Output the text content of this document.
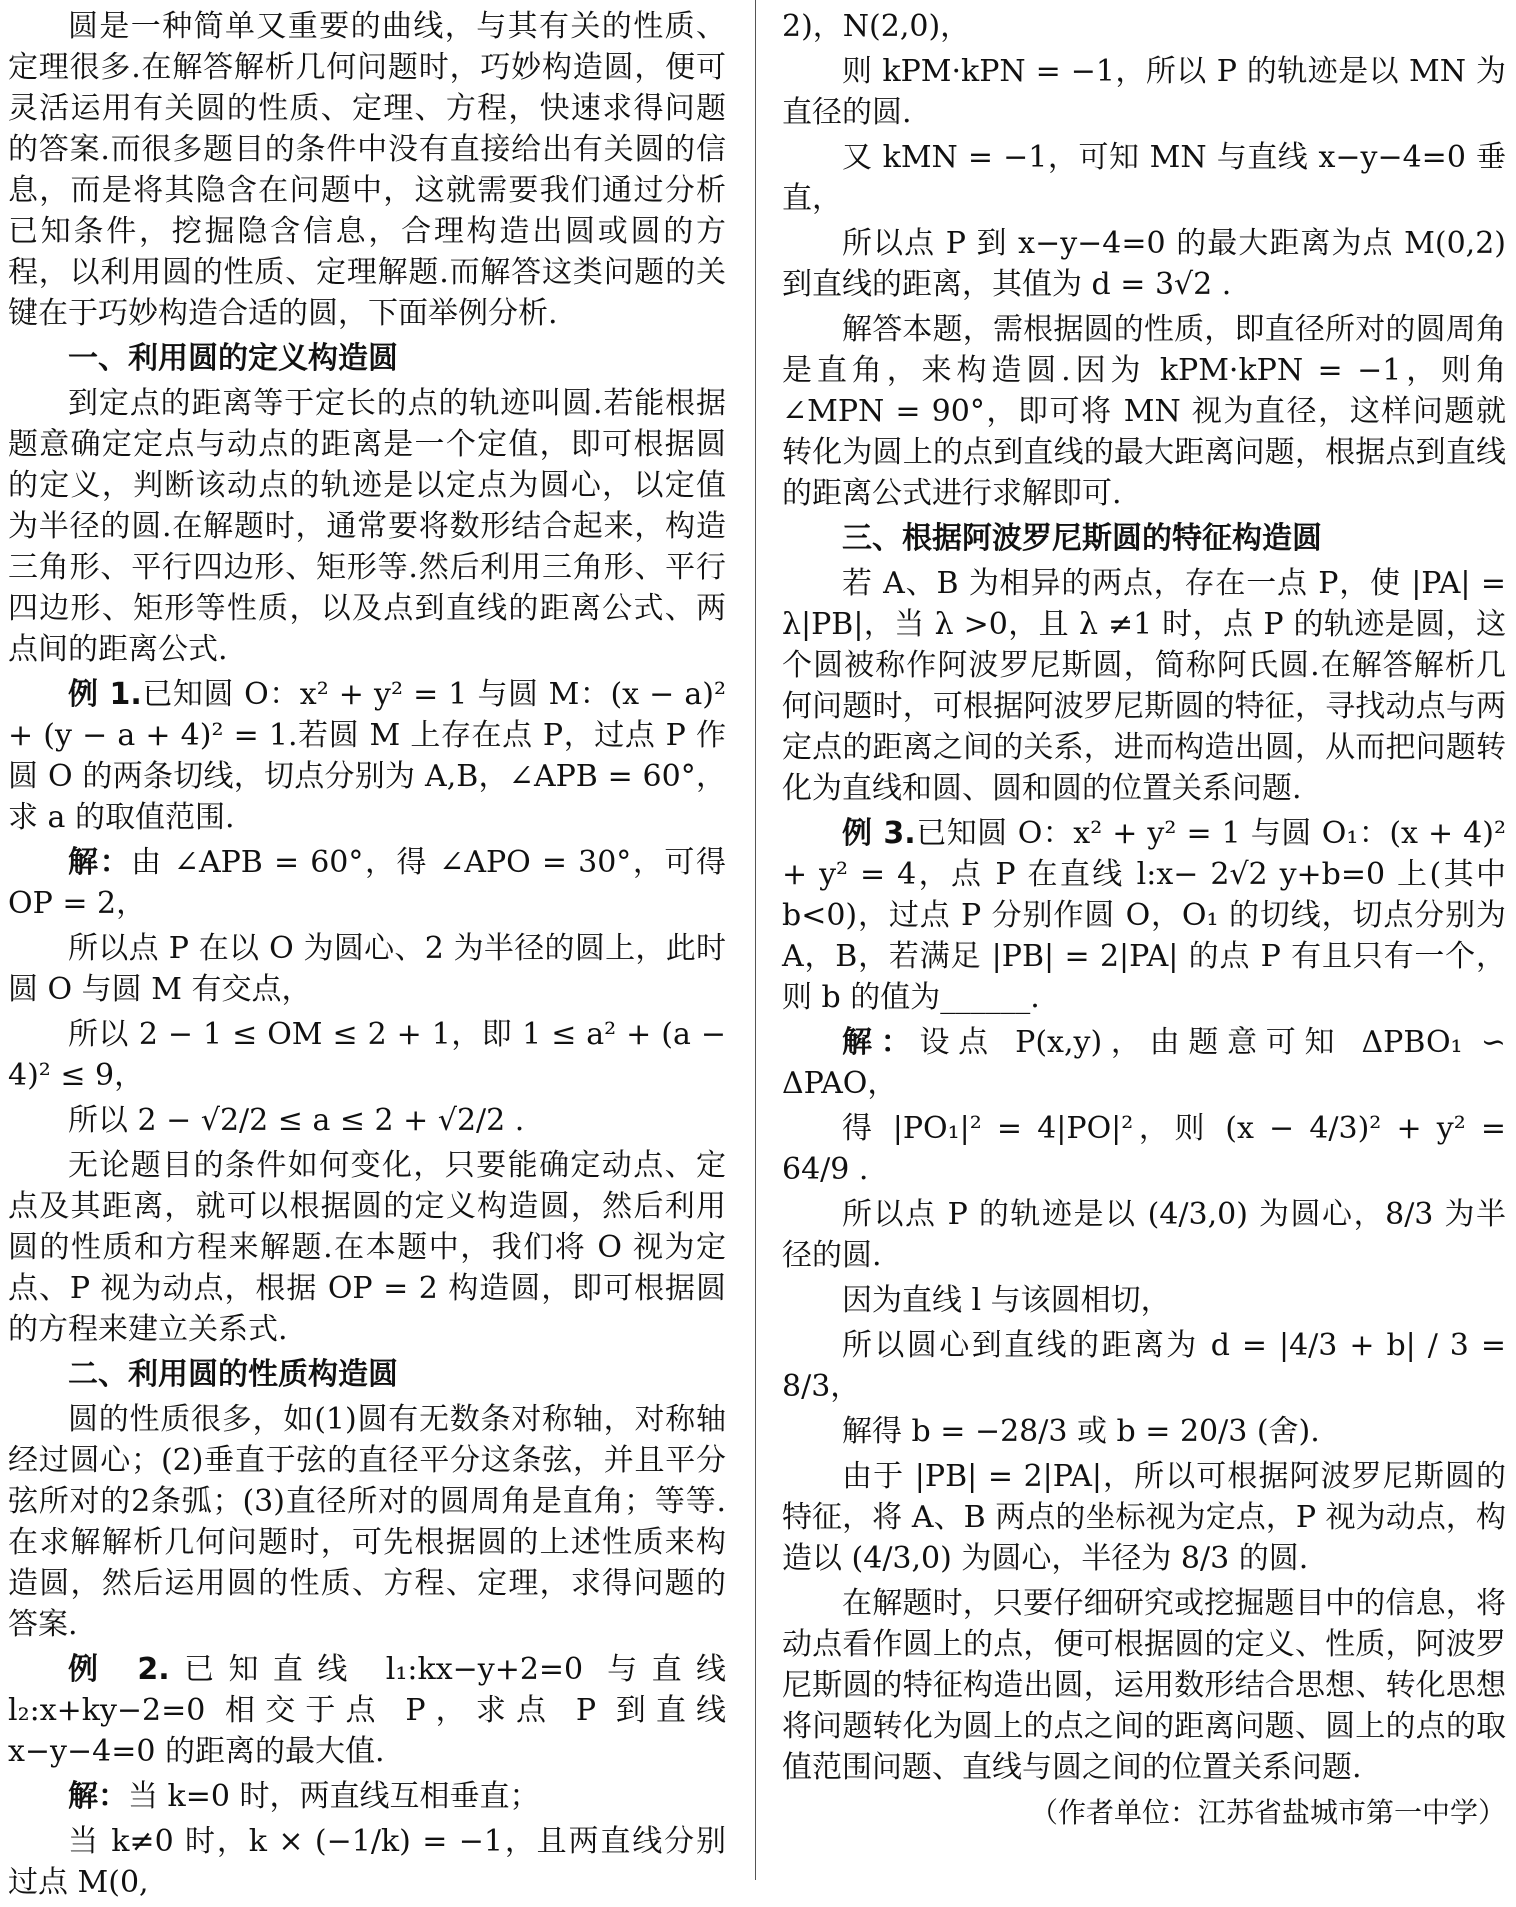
圆是一种简单又重要的曲线，与其有关的性质、定理很多.在解答解析几何问题时，巧妙构造圆，便可灵活运用有关圆的性质、定理、方程，快速求得问题的答案.而很多题目的条件中没有直接给出有关圆的信息，而是将其隐含在问题中，这就需要我们通过分析已知条件，挖掘隐含信息，合理构造出圆或圆的方程，以利用圆的性质、定理解题.而解答这类问题的关键在于巧妙构造合适的圆，下面举例分析.

一、利用圆的定义构造圆

到定点的距离等于定长的点的轨迹叫圆.若能根据题意确定定点与动点的距离是一个定值，即可根据圆的定义，判断该动点的轨迹是以定点为圆心，以定值为半径的圆.在解题时，通常要将数形结合起来，构造三角形、平行四边形、矩形等.然后利用三角形、平行四边形、矩形等性质，以及点到直线的距离公式、两点间的距离公式.

例 1.已知圆 O：x² + y² = 1 与圆 M：(x − a)² + (y − a + 4)² = 1.若圆 M 上存在点 P，过点 P 作圆 O 的两条切线，切点分别为 A,B，∠APB = 60°，求 a 的取值范围.

解：由 ∠APB = 60°，得 ∠APO = 30°，可得 OP = 2，

所以点 P 在以 O 为圆心、2 为半径的圆上，此时圆 O 与圆 M 有交点，

所以 2 − 1 ≤ OM ≤ 2 + 1，即 1 ≤ a² + (a − 4)² ≤ 9，

所以 2 − √2/2 ≤ a ≤ 2 + √2/2 .

无论题目的条件如何变化，只要能确定动点、定点及其距离，就可以根据圆的定义构造圆，然后利用圆的性质和方程来解题.在本题中，我们将 O 视为定点、P 视为动点，根据 OP = 2 构造圆，即可根据圆的方程来建立关系式.

二、利用圆的性质构造圆

圆的性质很多，如(1)圆有无数条对称轴，对称轴经过圆心；(2)垂直于弦的直径平分这条弦，并且平分弦所对的2条弧；(3)直径所对的圆周角是直角；等等.在求解解析几何问题时，可先根据圆的上述性质来构造圆，然后运用圆的性质、方程、定理，求得问题的答案.

例 2.已知直线 l₁:kx−y+2=0 与直线 l₂:x+ky−2=0 相交于点 P，求点 P 到直线 x−y−4=0 的距离的最大值.

解：当 k=0 时，两直线互相垂直；

当 k≠0 时，k × (−1/k) = −1，且两直线分别过点 M(0,

2)，N(2,0)，

则 kPM·kPN = −1，所以 P 的轨迹是以 MN 为直径的圆.

又 kMN = −1，可知 MN 与直线 x−y−4=0 垂直，

所以点 P 到 x−y−4=0 的最大距离为点 M(0,2) 到直线的距离，其值为 d = 3√2 .

解答本题，需根据圆的性质，即直径所对的圆周角是直角，来构造圆.因为 kPM·kPN = −1，则角 ∠MPN = 90°，即可将 MN 视为直径，这样问题就转化为圆上的点到直线的最大距离问题，根据点到直线的距离公式进行求解即可.

三、根据阿波罗尼斯圆的特征构造圆

若 A、B 为相异的两点，存在一点 P，使 |PA| = λ|PB|，当 λ >0，且 λ ≠1 时，点 P 的轨迹是圆，这个圆被称作阿波罗尼斯圆，简称阿氏圆.在解答解析几何问题时，可根据阿波罗尼斯圆的特征，寻找动点与两定点的距离之间的关系，进而构造出圆，从而把问题转化为直线和圆、圆和圆的位置关系问题.

例 3.已知圆 O：x² + y² = 1 与圆 O₁：(x + 4)² + y² = 4，点 P 在直线 l:x− 2√2 y+b=0 上(其中 b<0)，过点 P 分别作圆 O，O₁ 的切线，切点分别为 A，B，若满足 |PB| = 2|PA| 的点 P 有且只有一个，则 b 的值为______.

解：设点 P(x,y)，由题意可知 ΔPBO₁ ∽ ΔPAO，

得 |PO₁|² = 4|PO|²，则 (x − 4/3)² + y² = 64/9 .

所以点 P 的轨迹是以 (4/3,0) 为圆心，8/3 为半径的圆.

因为直线 l 与该圆相切，

所以圆心到直线的距离为 d = |4/3 + b| / 3 = 8/3，

解得 b = −28/3 或 b = 20/3 (舍).

由于 |PB| = 2|PA|，所以可根据阿波罗尼斯圆的特征，将 A、B 两点的坐标视为定点，P 视为动点，构造以 (4/3,0) 为圆心，半径为 8/3 的圆.

在解题时，只要仔细研究或挖掘题目中的信息，将动点看作圆上的点，便可根据圆的定义、性质，阿波罗尼斯圆的特征构造出圆，运用数形结合思想、转化思想将问题转化为圆上的点之间的距离问题、圆上的点的取值范围问题、直线与圆之间的位置关系问题.

（作者单位：江苏省盐城市第一中学）
